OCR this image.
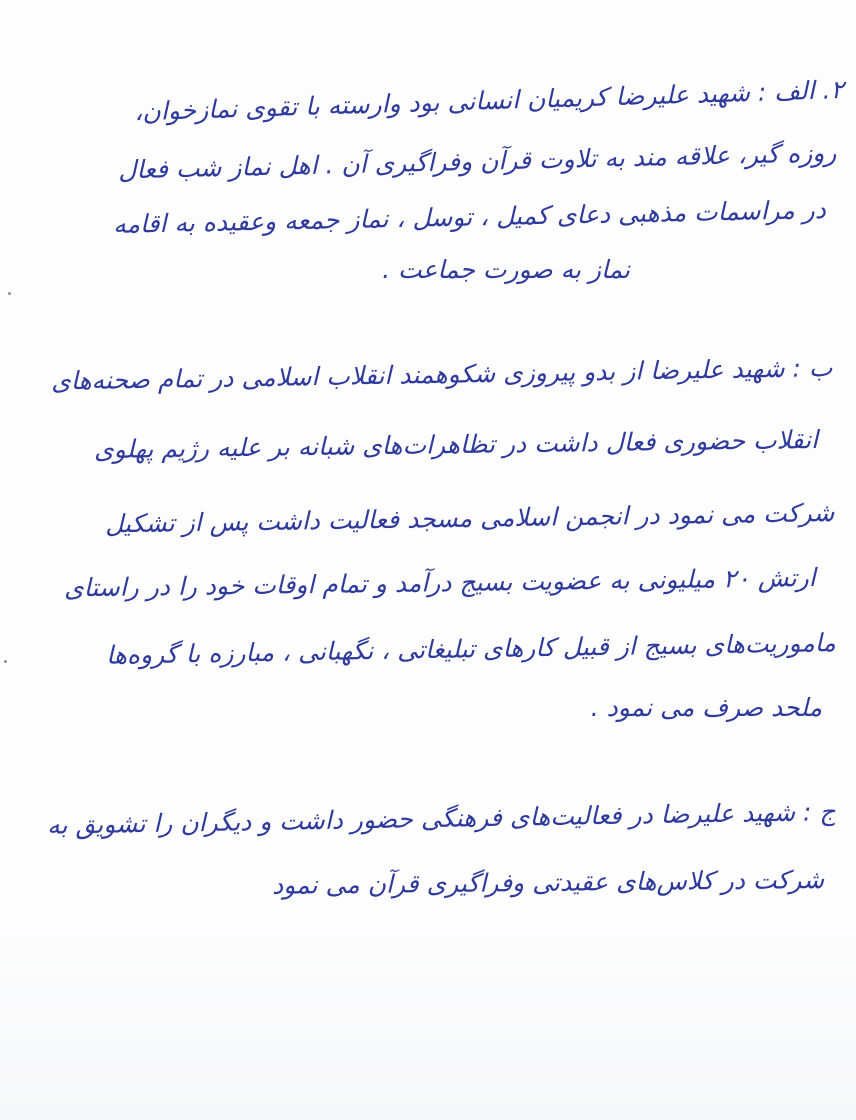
۲. الف : شهید علیرضا کریمیان انسانی بود وارسته با تقوی نمازخوان،
روزه گیر، علاقه مند به تلاوت قرآن وفراگیری آن . اهل نماز شب فعال
در مراسمات مذهبی دعای کمیل ، توسل ، نماز جمعه وعقیده به اقامه
نماز به صورت جماعت .
ب : شهید علیرضا از بدو پیروزی شکوهمند انقلاب اسلامی در تمام صحنه‌های
انقلاب حضوری فعال داشت در تظاهرات‌های شبانه بر علیه رژیم پهلوی
شرکت می نمود در انجمن اسلامی مسجد فعالیت داشت پس از تشکیل
ارتش ۲۰ میلیونی به عضویت بسیج درآمد و تمام اوقات خود را در راستای
ماموریت‌های بسیج از قبیل کارهای تبلیغاتی ، نگهبانی ، مبارزه با گروه‌ها
ملحد صرف می نمود .
ج : شهید علیرضا در فعالیت‌های فرهنگی حضور داشت و دیگران را تشویق به
شرکت در کلاس‌های عقیدتی وفراگیری قرآن می نمود
